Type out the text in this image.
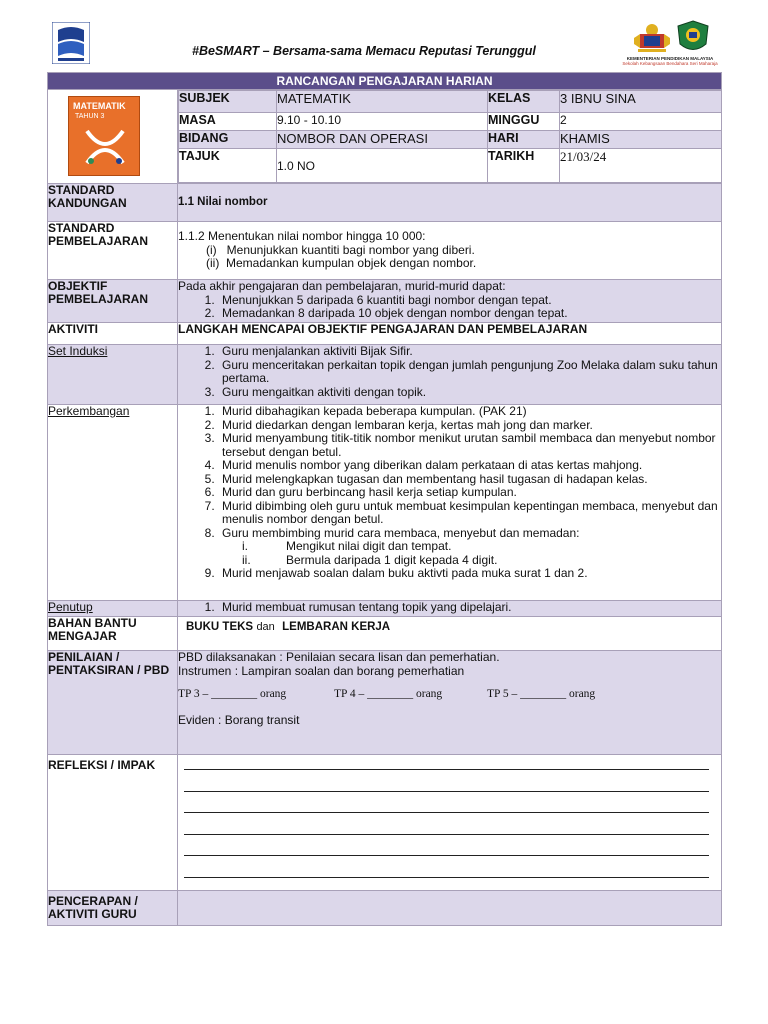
KEMENTERIAN PENDIDIKAN MALAYSIA
Sekolah Kebangsaan Bendahara Seri Maharaja
#BeSMART – Bersama-sama Memacu Reputasi Terunggul
RANCANGAN PENGAJARAN HARIAN

MATEMATIK
TAHUN 3

SUBJEK	MATEMATIK	KELAS	3 IBNU SINA
MASA	9.10 - 10.10	MINGGU	2
BIDANG	NOMBOR DAN OPERASI	HARI	KHAMIS
TAJUK	1.0 NO	TARIKH	21/03/24

STANDARD KANDUNGAN	1.1 Nilai nombor
STANDARD PEMBELAJARAN	1.1.2 Menentukan nilai nombor hingga 10 000:
(i)   Menunjukkan kuantiti bagi nombor yang diberi.
(ii)  Memadankan kumpulan objek dengan nombor.

OBJEKTIF PEMBELAJARAN	
Pada akhir pengajaran dan pembelajaran, murid-murid dapat:
1. Menunjukkan 5 daripada 6 kuantiti bagi nombor dengan tepat.
2. Memadankan 8 daripada 10 objek dengan nombor dengan tepat.

AKTIVITI	LANGKAH MENCAPAI OBJEKTIF PENGAJARAN DAN PEMBELAJARAN
Set Induksi	
1.Guru menjalankan aktiviti Bijak Sifir.
2. Guru menceritakan perkaitan topik dengan jumlah pengunjung Zoo Melaka dalam suku tahun pertama.
3. Guru mengaitkan aktiviti dengan topik.

Perkembangan	
1.Murid dibahagikan kepada beberapa kumpulan. (PAK 21)
2. Murid diedarkan dengan lembaran kerja, kertas mah jong dan marker.
3. Murid menyambung titik-titik nombor menikut urutan sambil membaca dan menyebut nombor tersebut dengan betul.
4. Murid menulis nombor yang diberikan dalam perkataan di atas kertas mahjong.
5. Murid melengkapkan tugasan dan membentang hasil tugasan di hadapan kelas.
6. Murid dan guru berbincang hasil kerja setiap kumpulan.
7. Murid dibimbing oleh guru untuk membuat kesimpulan kepentingan membaca, menyebut dan menulis nombor dengan betul.
8. Guru membimbing murid cara membaca, menyebut dan memadan:
i.	Mengikut nilai digit dan tempat.
ii.	Bermula daripada 1 digit kepada 4 digit.
9. Murid menjawab soalan dalam buku aktivti pada muka surat 1 dan 2.

Penutup	
1.Murid membuat rumusan tentang topik yang dipelajari.

BAHAN BANTU MENGAJAR	BUKU TEKS dan LEMBARAN KERJA
PENILAIAN / PENTAKSIRAN / PBD	
PBD dilaksanakan : Penilaian secara lisan dan pemerhatian.
Instrumen : Lampiran soalan dan borang pemerhatian
TP 3 – ________ orang	TP 4 – ________ orang	TP 5 – ________ orang
Eviden : Borang transit

REFLEKSI / IMPAK	

PENCERAPAN / AKTIVITI GURU	
